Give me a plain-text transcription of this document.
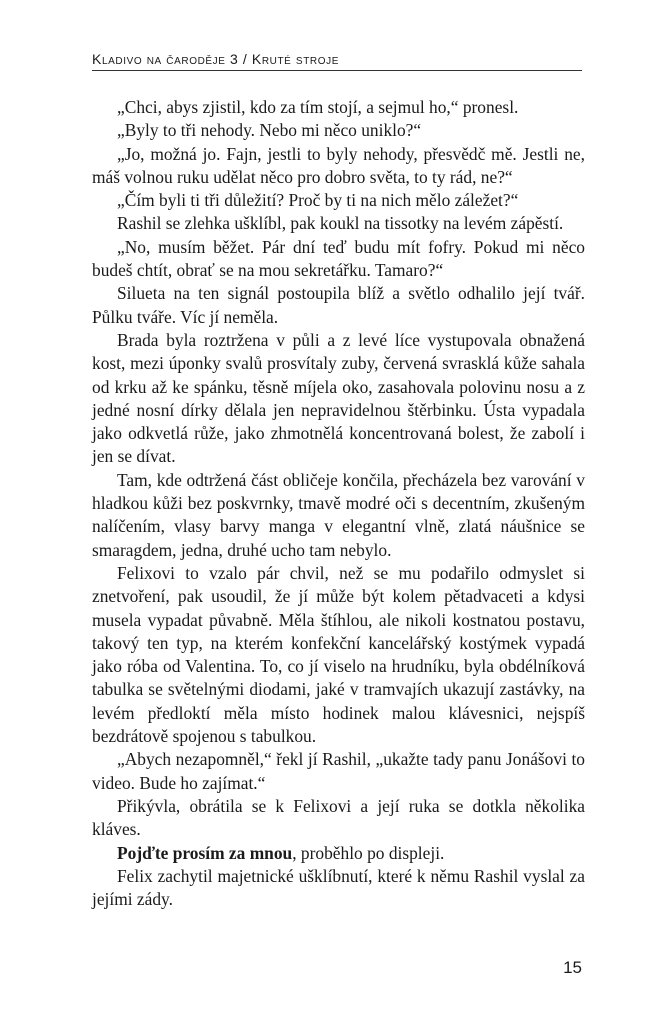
Kladivo na čaroděje 3 / Kruté stroje

„Chci, abys zjistil, kdo za tím stojí, a sejmul ho,“ pronesl.

„Byly to tři nehody. Nebo mi něco uniklo?“

„Jo, možná jo. Fajn, jestli to byly nehody, přesvědč mě. Jestli ne, máš volnou ruku udělat něco pro dobro světa, to ty rád, ne?“

„Čím byli ti tři důležití? Proč by ti na nich mělo záležet?“

Rashil se zlehka ušklíbl, pak koukl na tissotky na levém zápěstí.

„No, musím běžet. Pár dní teď budu mít fofry. Pokud mi něco budeš chtít, obrať se na mou sekretářku. Tamaro?“

Silueta na ten signál postoupila blíž a světlo odhalilo její tvář. Půlku tváře. Víc jí neměla.

Brada byla roztržena v půli a z levé líce vystupovala obnažená kost, mezi úponky svalů prosvítaly zuby, červená svrasklá kůže sahala od krku až ke spánku, těsně míjela oko, zasahovala polovinu nosu a z jedné nosní dírky dělala jen nepravidelnou štěrbinku. Ústa vypadala jako odkvetlá růže, jako zhmotnělá koncentrovaná bolest, že zabolí i jen se dívat.

Tam, kde odtržená část obličeje končila, přecházela bez varování v hladkou kůži bez poskvrnky, tmavě modré oči s decentním, zkušeným nalíčením, vlasy barvy manga v elegantní vlně, zlatá náušnice se smaragdem, jedna, druhé ucho tam nebylo.

Felixovi to vzalo pár chvil, než se mu podařilo odmyslet si znetvoření, pak usoudil, že jí může být kolem pětadvaceti a kdysi musela vypadat půvabně. Měla štíhlou, ale nikoli kostnatou postavu, takový ten typ, na kterém konfekční kancelářský kostýmek vypadá jako róba od Valentina. To, co jí viselo na hrudníku, byla obdélníková tabulka se světelnými diodami, jaké v tramvajích ukazují zastávky, na levém předloktí měla místo hodinek malou klávesnici, nejspíš bezdrátově spojenou s tabulkou.

„Abych nezapomněl,“ řekl jí Rashil, „ukažte tady panu Jonášovi to video. Bude ho zajímat.“

Přikývla, obrátila se k Felixovi a její ruka se dotkla několika kláves.

Pojďte prosím za mnou, proběhlo po displeji.

Felix zachytil majetnické ušklíbnutí, které k němu Rashil vyslal za jejími zády.

15
